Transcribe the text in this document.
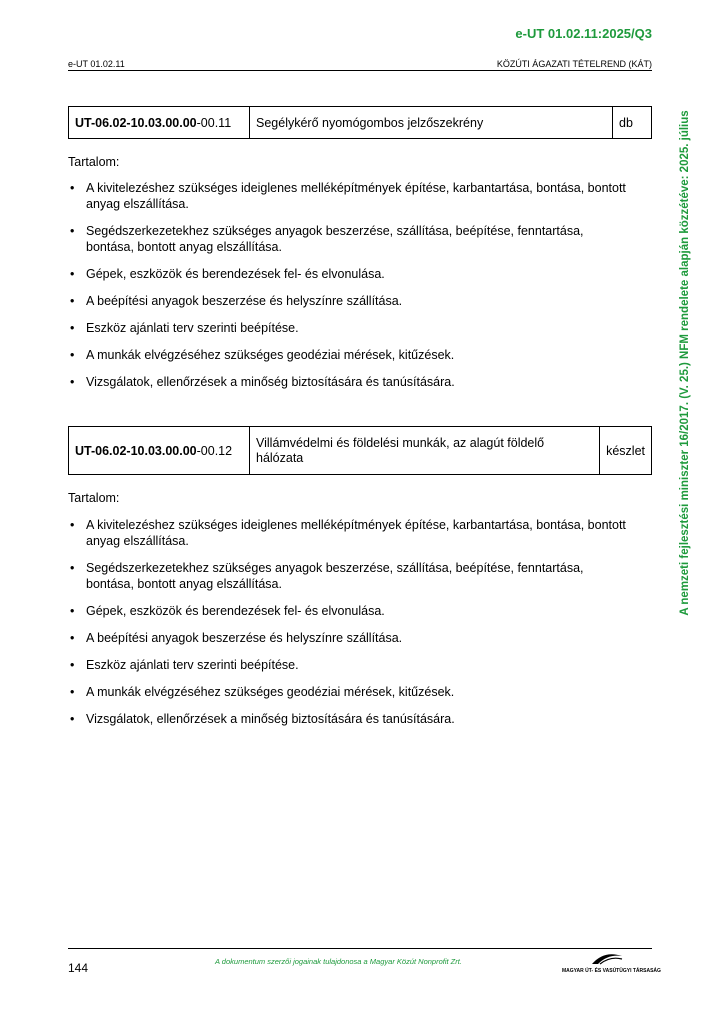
e-UT 01.02.11:2025/Q3
e-UT 01.02.11	KÖZÚTI ÁGAZATI TÉTELREND (KÁT)
A nemzeti fejlesztési miniszter 16/2017. (V. 25.) NFM rendelete alapján közzétéve: 2025. július
UT-06.02-10.03.00.00-00.11	Segélykérő nyomógombos jelzőszekrény	db
Tartalom:
• A kivitelezéshez szükséges ideiglenes melléképítmények építése, karbantartása, bontása, bontott anyag elszállítása.
• Segédszerkezetekhez szükséges anyagok beszerzése, szállítása, beépítése, fenntartása, bontása, bontott anyag elszállítása.
• Gépek, eszközök és berendezések fel- és elvonulása.
• A beépítési anyagok beszerzése és helyszínre szállítása.
• Eszköz ajánlati terv szerinti beépítése.
• A munkák elvégzéséhez szükséges geodéziai mérések, kitűzések.
• Vizsgálatok, ellenőrzések a minőség biztosítására és tanúsítására.
UT-06.02-10.03.00.00-00.12	Villámvédelmi és földelési munkák, az alagút földelő hálózata	készlet
Tartalom:
• A kivitelezéshez szükséges ideiglenes melléképítmények építése, karbantartása, bontása, bontott anyag elszállítása.
• Segédszerkezetekhez szükséges anyagok beszerzése, szállítása, beépítése, fenntartása, bontása, bontott anyag elszállítása.
• Gépek, eszközök és berendezések fel- és elvonulása.
• A beépítési anyagok beszerzése és helyszínre szállítása.
• Eszköz ajánlati terv szerinti beépítése.
• A munkák elvégzéséhez szükséges geodéziai mérések, kitűzések.
• Vizsgálatok, ellenőrzések a minőség biztosítására és tanúsítására.
144	A dokumentum szerzői jogainak tulajdonosa a Magyar Közút Nonprofit Zrt.
MAGYAR ÚT- ÉS VASÚTÜGYI TÁRSASÁG
